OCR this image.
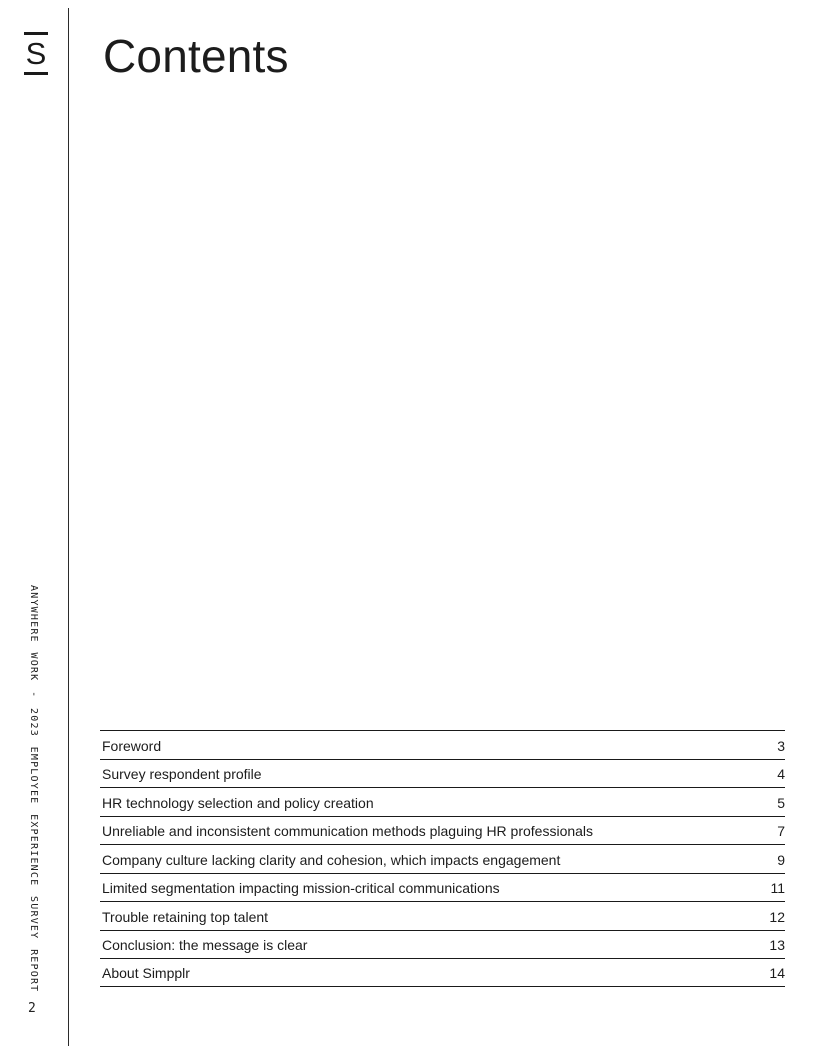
S Contents
ANYWHERE WORK - 2023 EMPLOYEE EXPERIENCE SURVEY REPORT
2
Foreword	3
Survey respondent profile	4
HR technology selection and policy creation	5
Unreliable and inconsistent communication methods plaguing HR professionals	7
Company culture lacking clarity and cohesion, which impacts engagement	9
Limited segmentation impacting mission-critical communications	11
Trouble retaining top talent	12
Conclusion: the message is clear	13
About Simpplr	14
